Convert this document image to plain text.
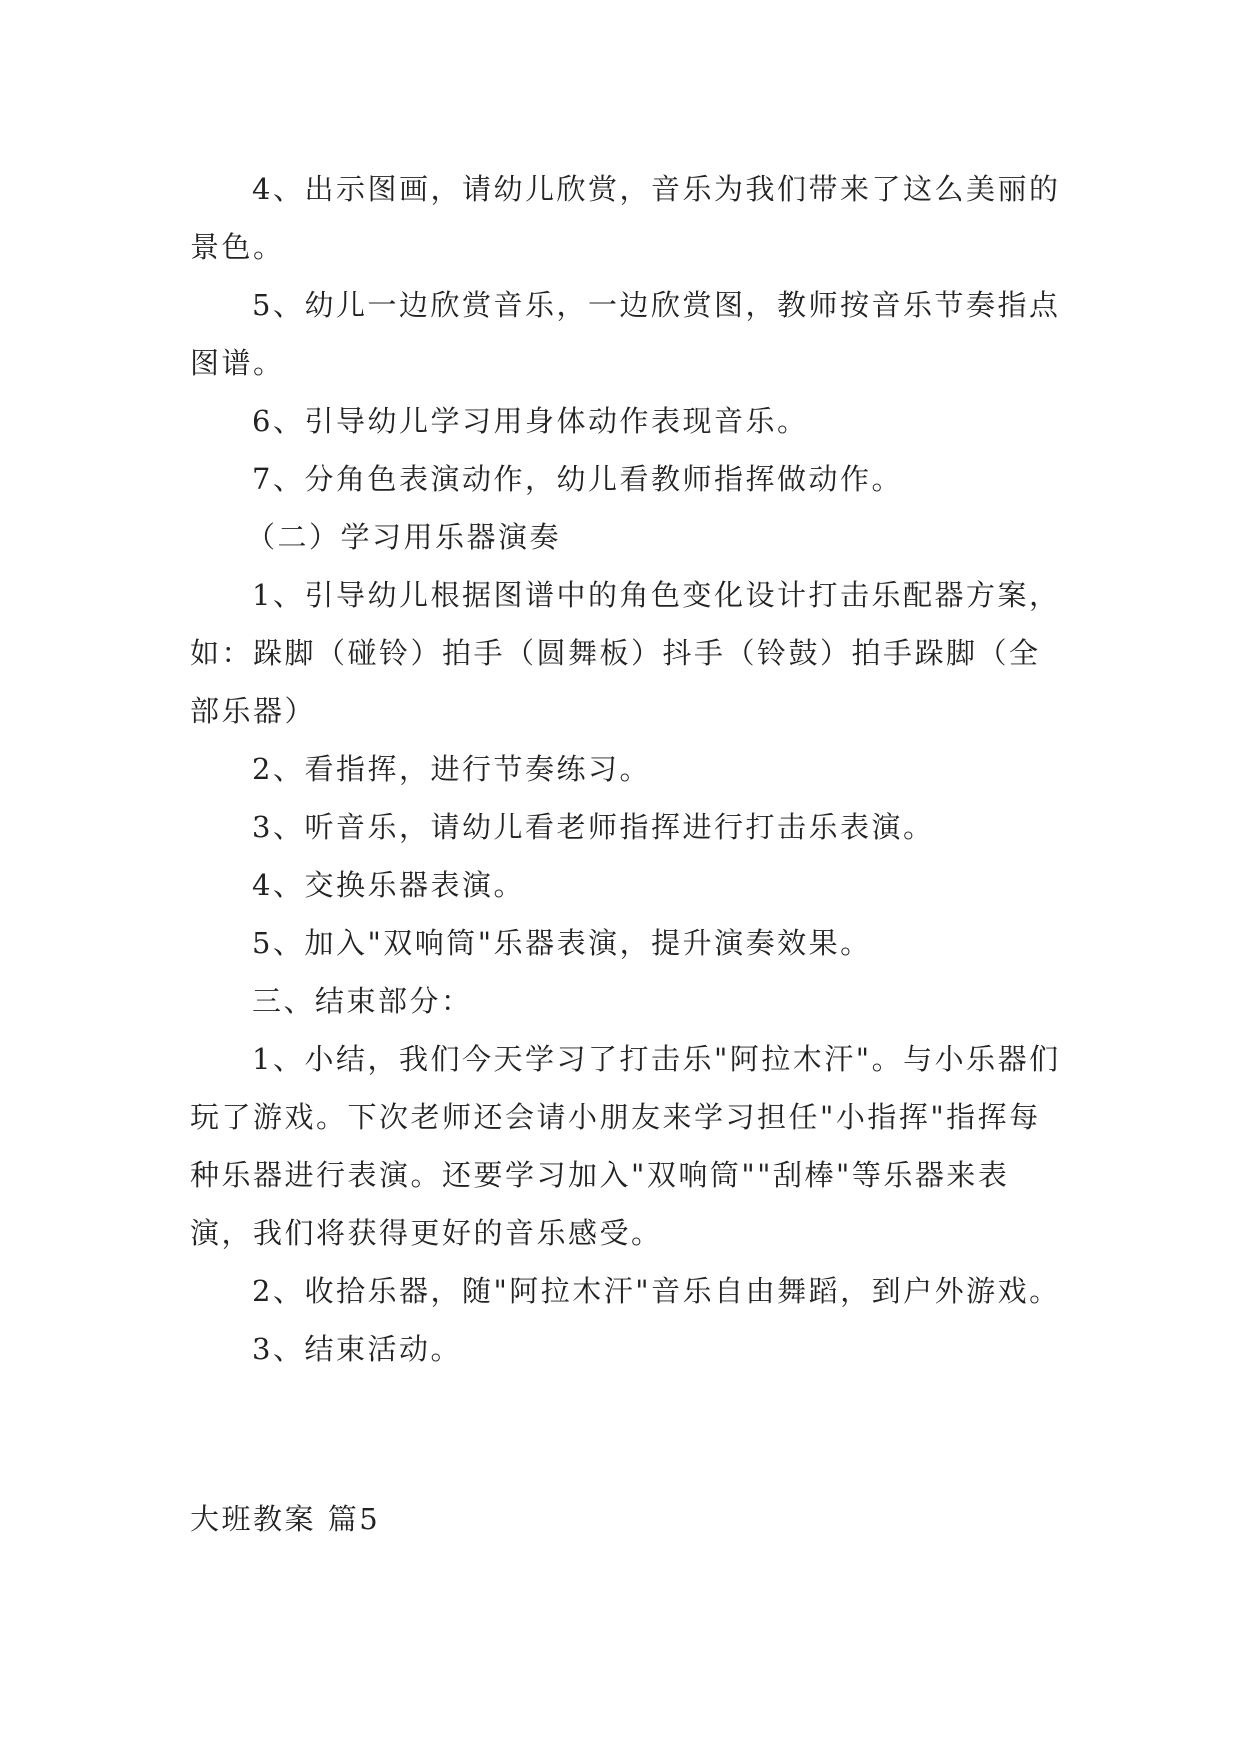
4、出示图画，请幼儿欣赏，音乐为我们带来了这么美丽的景色。

5、幼儿一边欣赏音乐，一边欣赏图，教师按音乐节奏指点图谱。

6、引导幼儿学习用身体动作表现音乐。

7、分角色表演动作，幼儿看教师指挥做动作。

（二）学习用乐器演奏

1、引导幼儿根据图谱中的角色变化设计打击乐配器方案，如：跺脚（碰铃）拍手（圆舞板）抖手（铃鼓）拍手跺脚（全部乐器）

2、看指挥，进行节奏练习。

3、听音乐，请幼儿看老师指挥进行打击乐表演。

4、交换乐器表演。

5、加入"双响筒"乐器表演，提升演奏效果。

三、结束部分：

1、小结，我们今天学习了打击乐"阿拉木汗"。与小乐器们玩了游戏。下次老师还会请小朋友来学习担任"小指挥"指挥每种乐器进行表演。还要学习加入"双响筒""刮棒"等乐器来表演，我们将获得更好的音乐感受。

2、收拾乐器，随"阿拉木汗"音乐自由舞蹈，到户外游戏。

3、结束活动。

大班教案 篇5
